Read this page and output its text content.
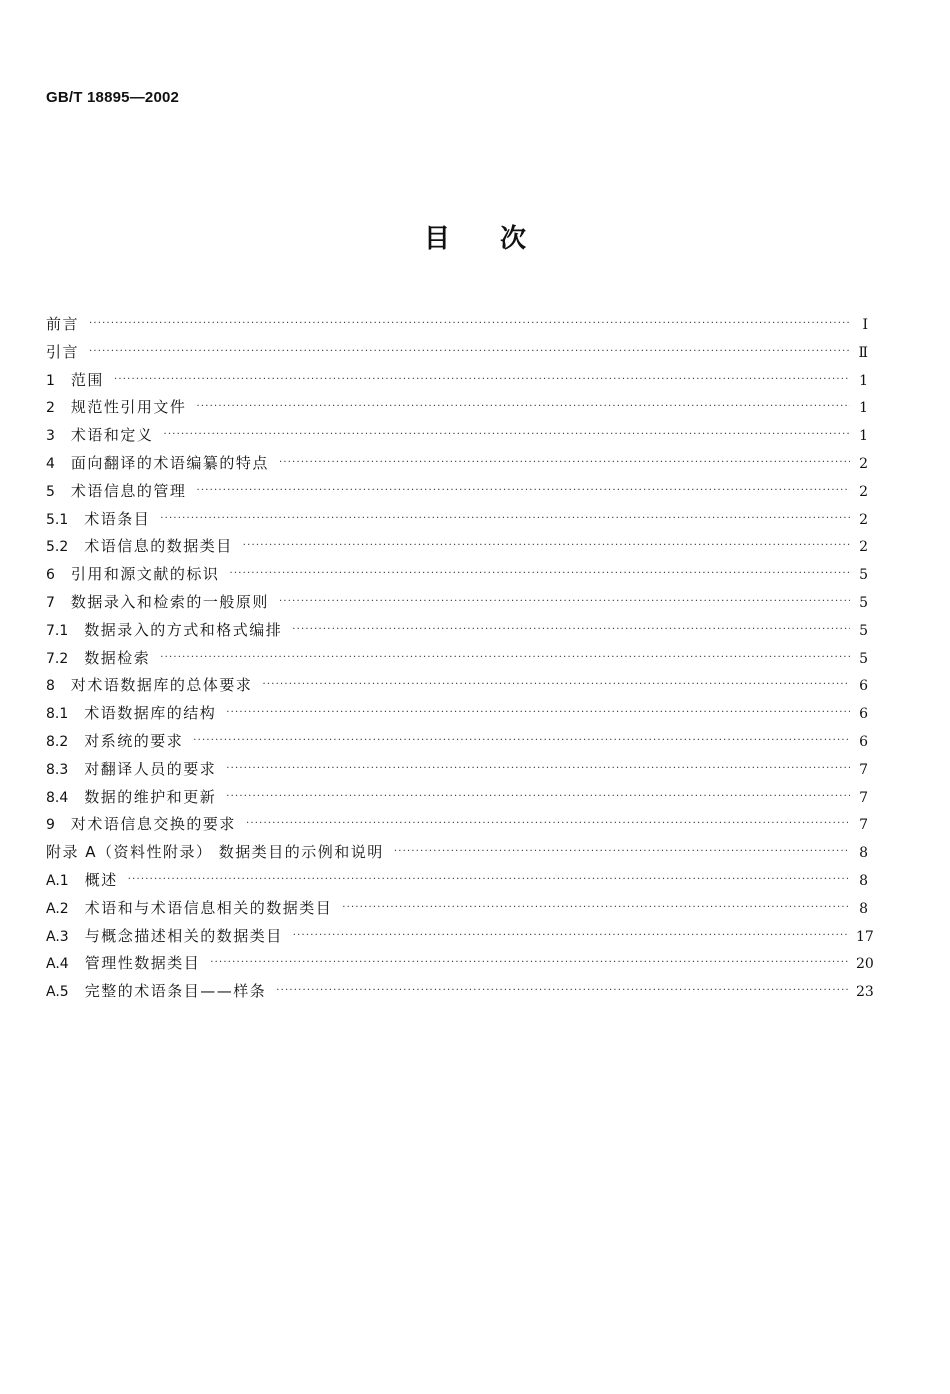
GB/T 18895—2002
目 次
前言 ·····	Ⅰ
引言 ·····	Ⅱ
1 范围 ·····	1
2 规范性引用文件 ·····	1
3 术语和定义 ·····	1
4 面向翻译的术语编纂的特点 ·····	2
5 术语信息的管理 ·····	2
5.1 术语条目 ·····	2
5.2 术语信息的数据类目 ·····	2
6 引用和源文献的标识 ·····	5
7 数据录入和检索的一般原则 ·····	5
7.1 数据录入的方式和格式编排 ·····	5
7.2 数据检索 ·····	5
8 对术语数据库的总体要求 ·····	6
8.1 术语数据库的结构 ·····	6
8.2 对系统的要求 ·····	6
8.3 对翻译人员的要求 ·····	7
8.4 数据的维护和更新 ·····	7
9 对术语信息交换的要求 ·····	7
附录 A（资料性附录） 数据类目的示例和说明 ·····	8
A.1 概述 ·····	8
A.2 术语和与术语信息相关的数据类目 ·····	8
A.3 与概念描述相关的数据类目 ·····	17
A.4 管理性数据类目 ·····	20
A.5 完整的术语条目——样条 ·····	23
